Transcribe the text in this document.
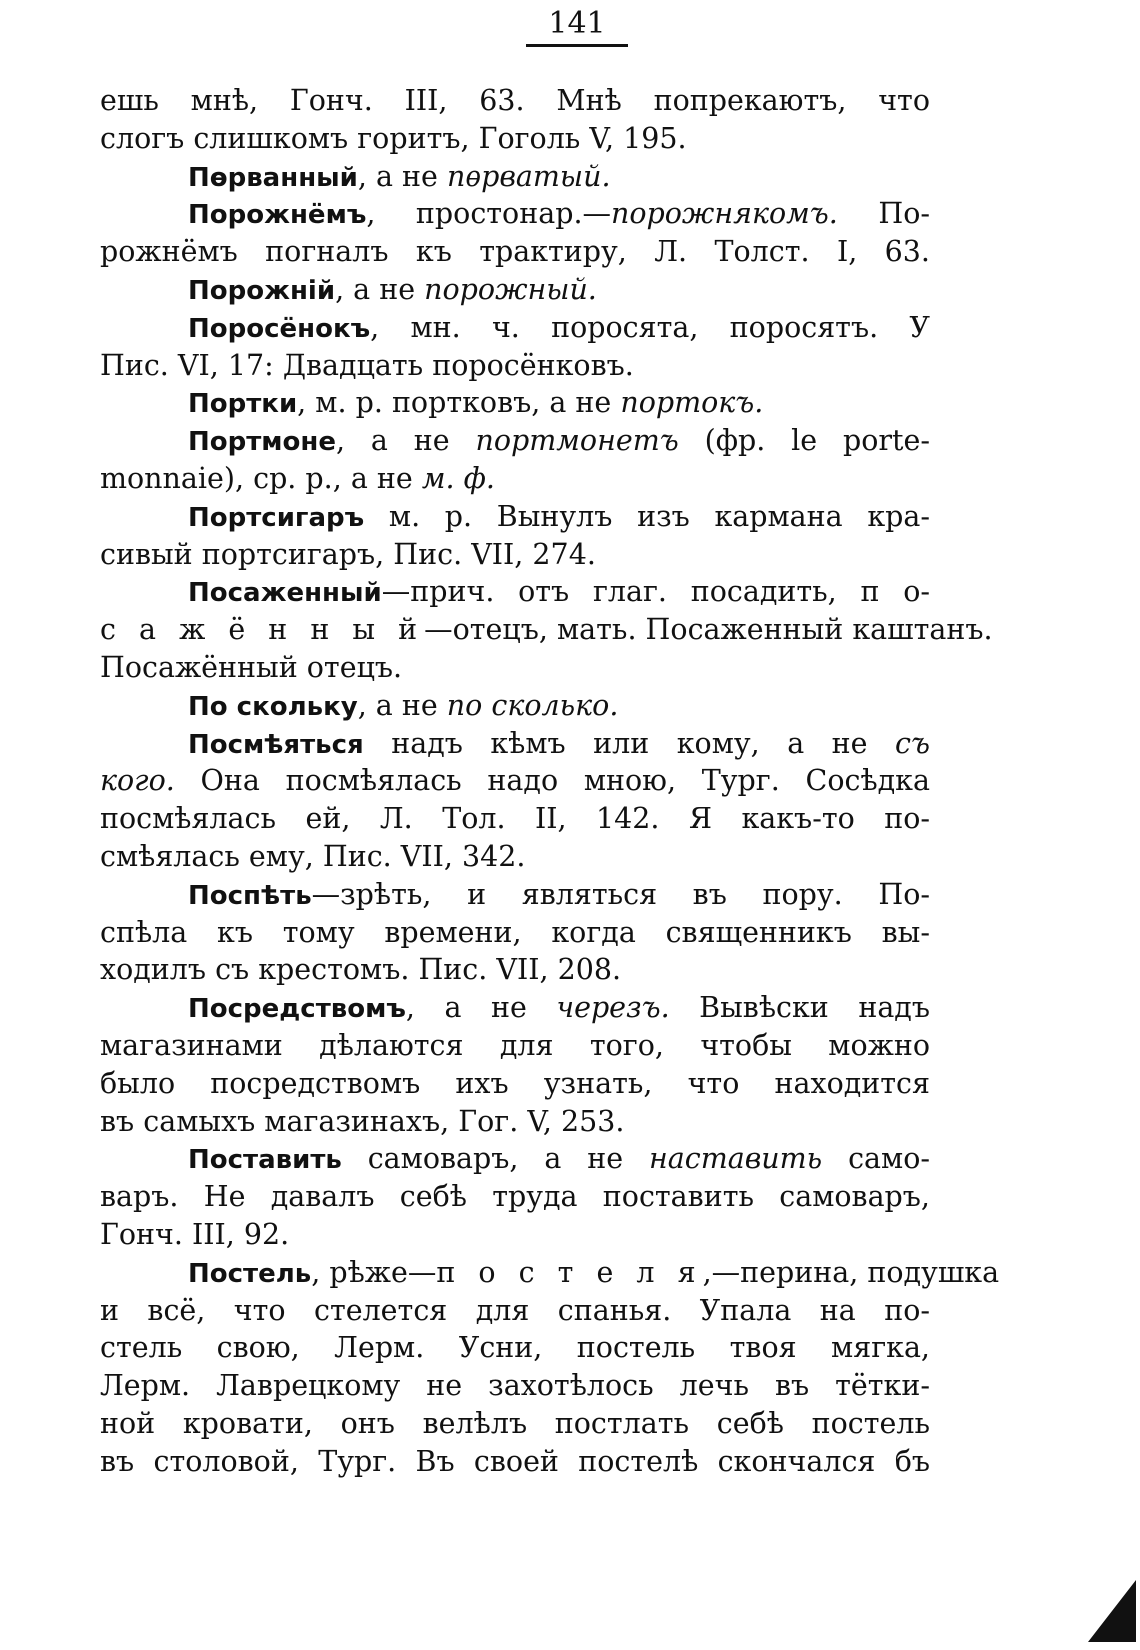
141
ешь мнѣ, Гонч. III, 63. Мнѣ попрекаютъ, что
слогъ слишкомъ горитъ, Гоголь V, 195.
Пѳрванный, а не пѳрватый.
Порожнёмъ, простонар.—порожнякомъ. По-
рожнёмъ погналъ къ трактиру, Л. Толст. I, 63.
Порожній, а не порожный.
Поросёнокъ, мн. ч. поросята, поросятъ. У
Пис. VI, 17: Двадцать поросёнковъ.
Портки, м. р. портковъ, а не портокъ.
Портмоне, а не портмонетъ (фр. le porte-
monnaie), ср. р., а не м. ф.
Портсигаръ м. р. Вынулъ изъ кармана кра-
сивый портсигаръ, Пис. VII, 274.
Посаженный—прич. отъ глаг. посадить, п о-
с а ж ё н н ы й—отецъ, мать. Посаженный каштанъ.
Посажённый отецъ.
По скольку, а не по сколько.
Посмѣяться надъ кѣмъ или кому, а не съ
кого. Она посмѣялась надо мною, Тург. Сосѣдка
посмѣялась ей, Л. Тол. II, 142. Я какъ-то по-
смѣялась ему, Пис. VII, 342.
Поспѣть—зрѣть, и являться въ пору. По-
спѣла къ тому времени, когда священникъ вы-
ходилъ съ крестомъ. Пис. VII, 208.
Посредствомъ, а не черезъ. Вывѣски надъ
магазинами дѣлаются для того, чтобы можно
было посредствомъ ихъ узнать, что находится
въ самыхъ магазинахъ, Гог. V, 253.
Поставить самоваръ, а не наставить само-
варъ. Не давалъ себѣ труда поставить самоваръ,
Гонч. III, 92.
Постель, рѣже—п о с т е л я,—перина, подушка
и всё, что стелется для спанья. Упала на по-
стель свою, Лерм. Усни, постель твоя мягка,
Лерм. Лаврецкому не захотѣлось лечь въ тётки-
ной кровати, онъ велѣлъ постлать себѣ постель
въ столовой, Тург. Въ своей постелѣ скончался бъ
